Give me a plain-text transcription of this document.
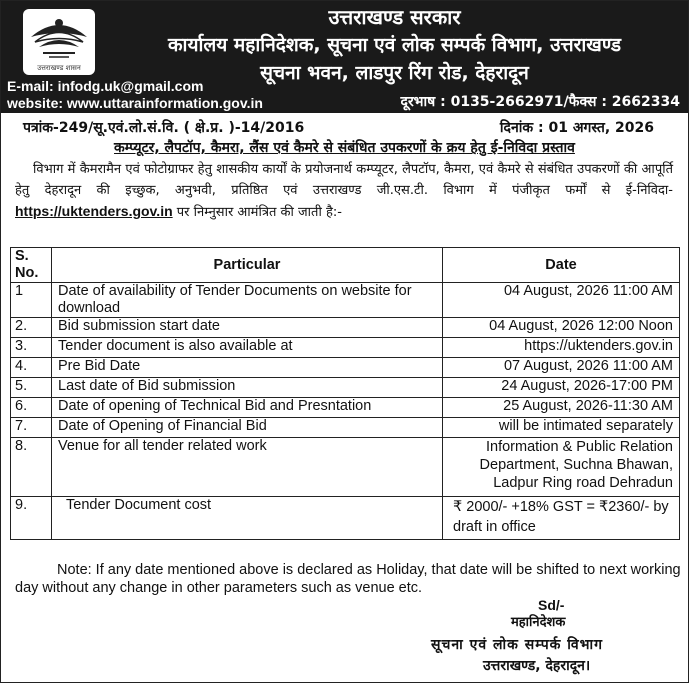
उत्तराखण्ड शासन
उत्तराखण्ड सरकार
कार्यालय महानिदेशक, सूचना एवं लोक सम्पर्क विभाग, उत्तराखण्ड
सूचना भवन, लाडपुर रिंग रोड, देहरादून
E-mail: infodg.uk@gmail.com
website: www.uttarainformation.gov.in	दूरभाष : 0135-2662971/फैक्स : 2662334
पत्रांक-249/सू.एवं.लो.सं.वि. ( क्षे.प्र. )-14/2016	दिनांक : 01 अगस्त, 2026
कम्प्यूटर, लैपटॉप, कैमरा, लैंस एवं कैमरे से संबंधित उपकरणों के क्रय हेतु ई-निविदा प्रस्ताव
विभाग में कैमरामैन एवं फोटोग्राफर हेतु शासकीय कार्यों के प्रयोजनार्थ कम्प्यूटर, लैपटॉप, कैमरा, एवं कैमरे से संबंधित उपकरणों की आपूर्ति हेतु देहरादून की इच्छुक, अनुभवी, प्रतिष्ठित एवं उत्तराखण्ड जी.एस.टी. विभाग में पंजीकृत फर्मों से ई-निविदा- https://uktenders.gov.in पर निम्नुसार आमंत्रित की जाती है:-
S. No.	Particular	Date
1	Date of availability of Tender Documents on website for download	04 August, 2026 11:00 AM
2.	Bid submission start date	04 August, 2026 12:00 Noon
3.	Tender document is also available at	https://uktenders.gov.in
4.	Pre Bid Date	07 August, 2026 11:00 AM
5.	Last date of Bid submission	24 August, 2026-17:00 PM
6.	Date of opening of Technical Bid and Presntation	25 August, 2026-11:30 AM
7.	Date of Opening of Financial Bid	will be intimated separately
8.	Venue for all tender related work	Information & Public Relation Department, Suchna Bhawan, Ladpur Ring road Dehradun
9.	Tender Document cost	₹ 2000/- +18% GST = ₹2360/- by draft in office
Note: If any date mentioned above is declared as Holiday, that date will be shifted to next working day without any change in other parameters such as venue etc.
Sd/-
महानिदेशक
सूचना एवं लोक सम्पर्क विभाग
उत्तराखण्ड, देहरादून।
